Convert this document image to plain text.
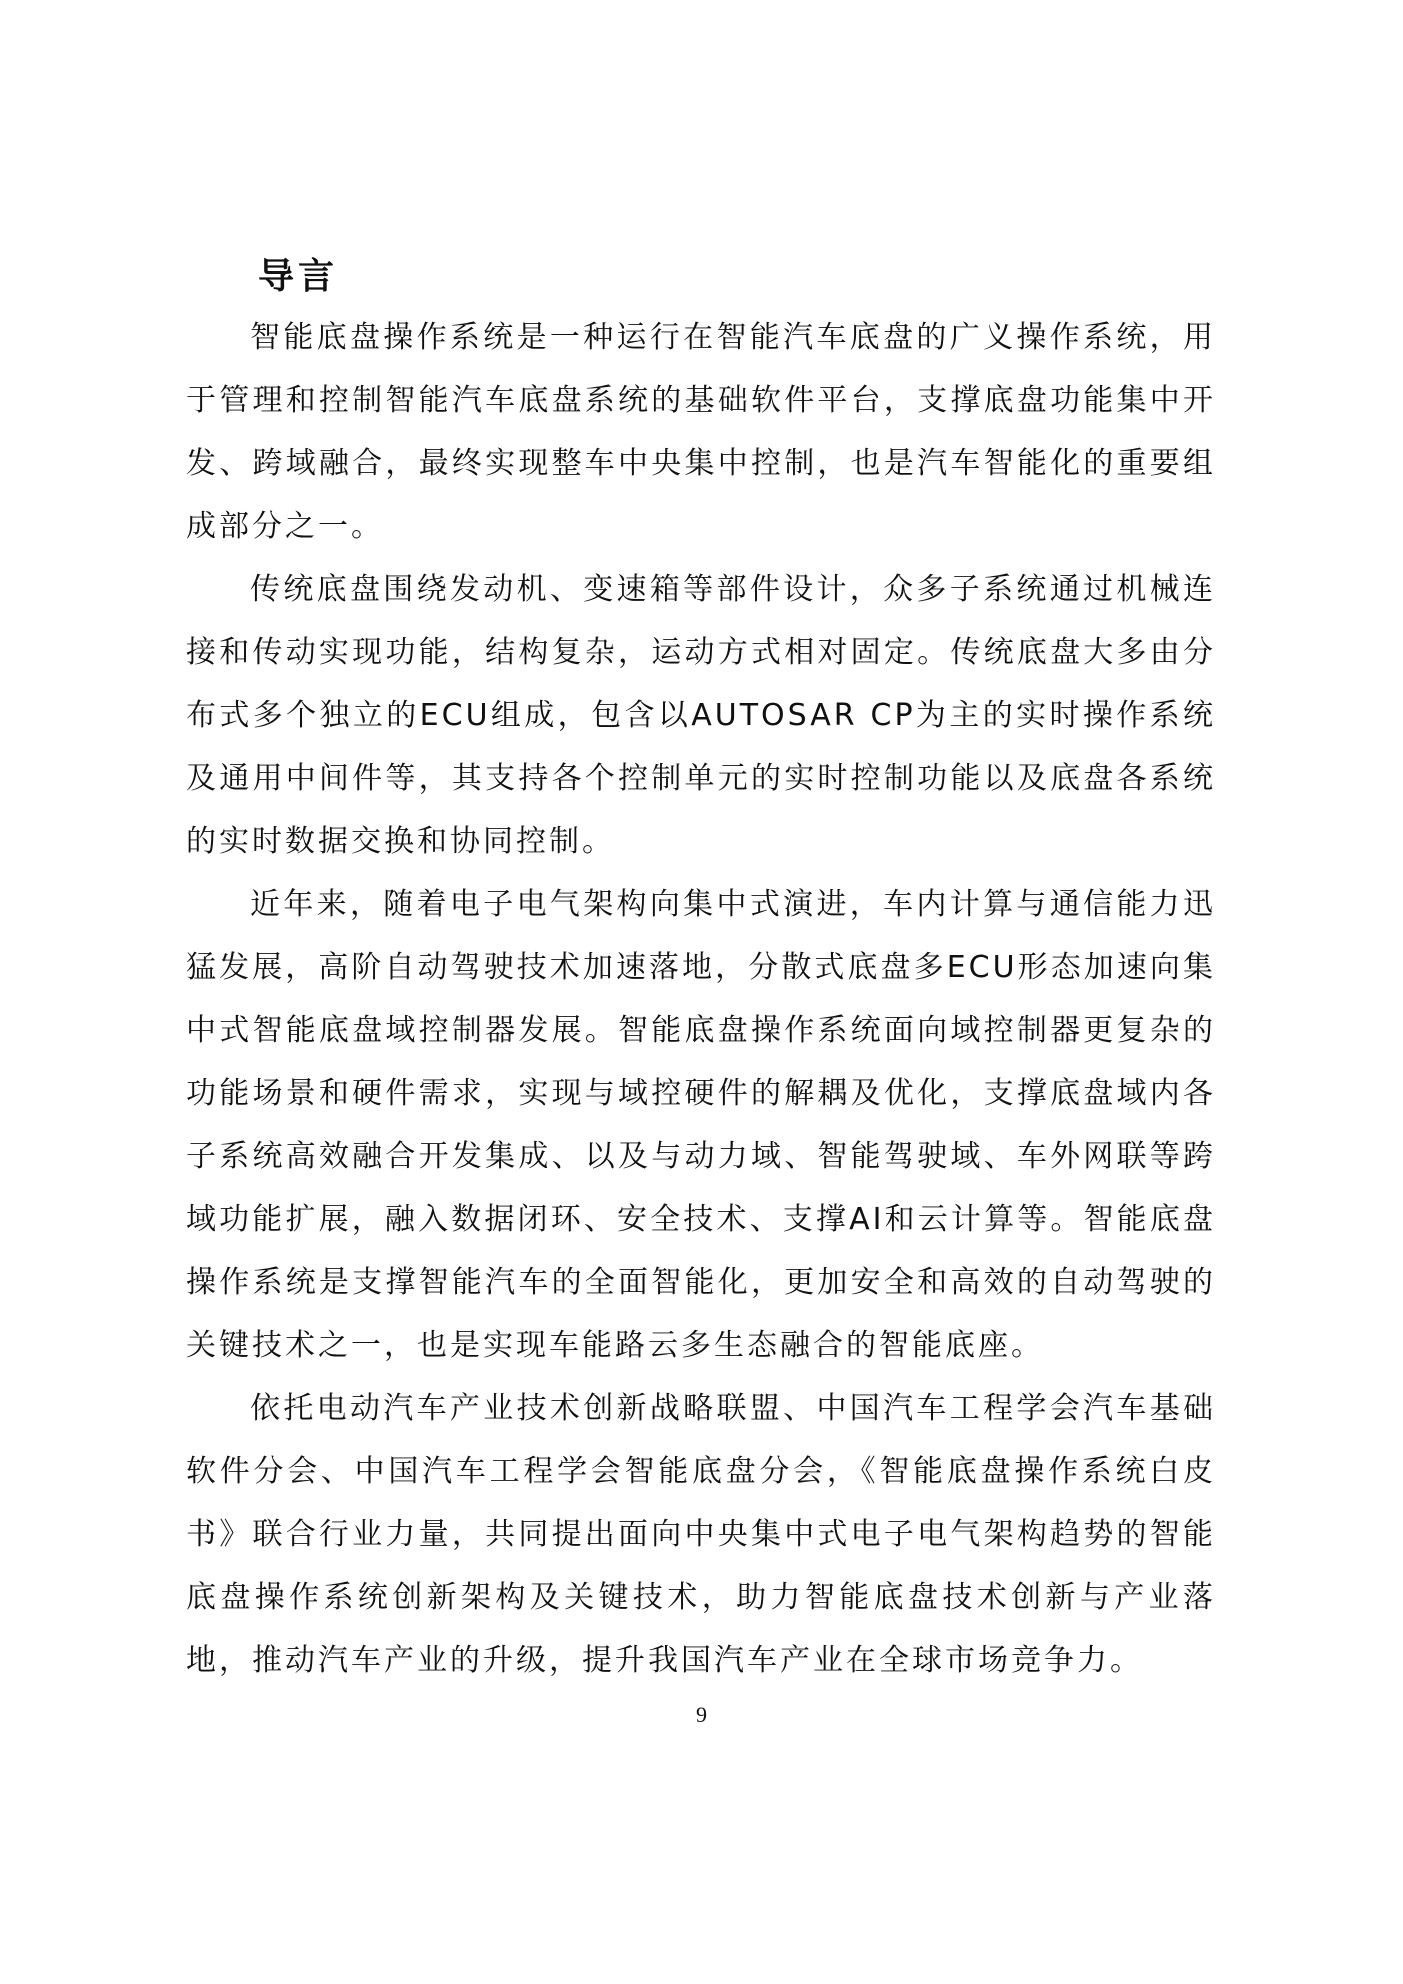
导言

智能底盘操作系统是一种运行在智能汽车底盘的广义操作系统，用于管理和控制智能汽车底盘系统的基础软件平台，支撑底盘功能集中开发、跨域融合，最终实现整车中央集中控制，也是汽车智能化的重要组成部分之一。

传统底盘围绕发动机、变速箱等部件设计，众多子系统通过机械连接和传动实现功能，结构复杂，运动方式相对固定。传统底盘大多由分布式多个独立的ECU组成，包含以AUTOSAR CP为主的实时操作系统及通用中间件等，其支持各个控制单元的实时控制功能以及底盘各系统的实时数据交换和协同控制。

近年来，随着电子电气架构向集中式演进，车内计算与通信能力迅猛发展，高阶自动驾驶技术加速落地，分散式底盘多ECU形态加速向集中式智能底盘域控制器发展。智能底盘操作系统面向域控制器更复杂的功能场景和硬件需求，实现与域控硬件的解耦及优化，支撑底盘域内各子系统高效融合开发集成、以及与动力域、智能驾驶域、车外网联等跨域功能扩展，融入数据闭环、安全技术、支撑AI和云计算等。智能底盘操作系统是支撑智能汽车的全面智能化，更加安全和高效的自动驾驶的关键技术之一，也是实现车能路云多生态融合的智能底座。

依托电动汽车产业技术创新战略联盟、中国汽车工程学会汽车基础软件分会、中国汽车工程学会智能底盘分会，《智能底盘操作系统白皮书》联合行业力量，共同提出面向中央集中式电子电气架构趋势的智能底盘操作系统创新架构及关键技术，助力智能底盘技术创新与产业落地，推动汽车产业的升级，提升我国汽车产业在全球市场竞争力。

9
